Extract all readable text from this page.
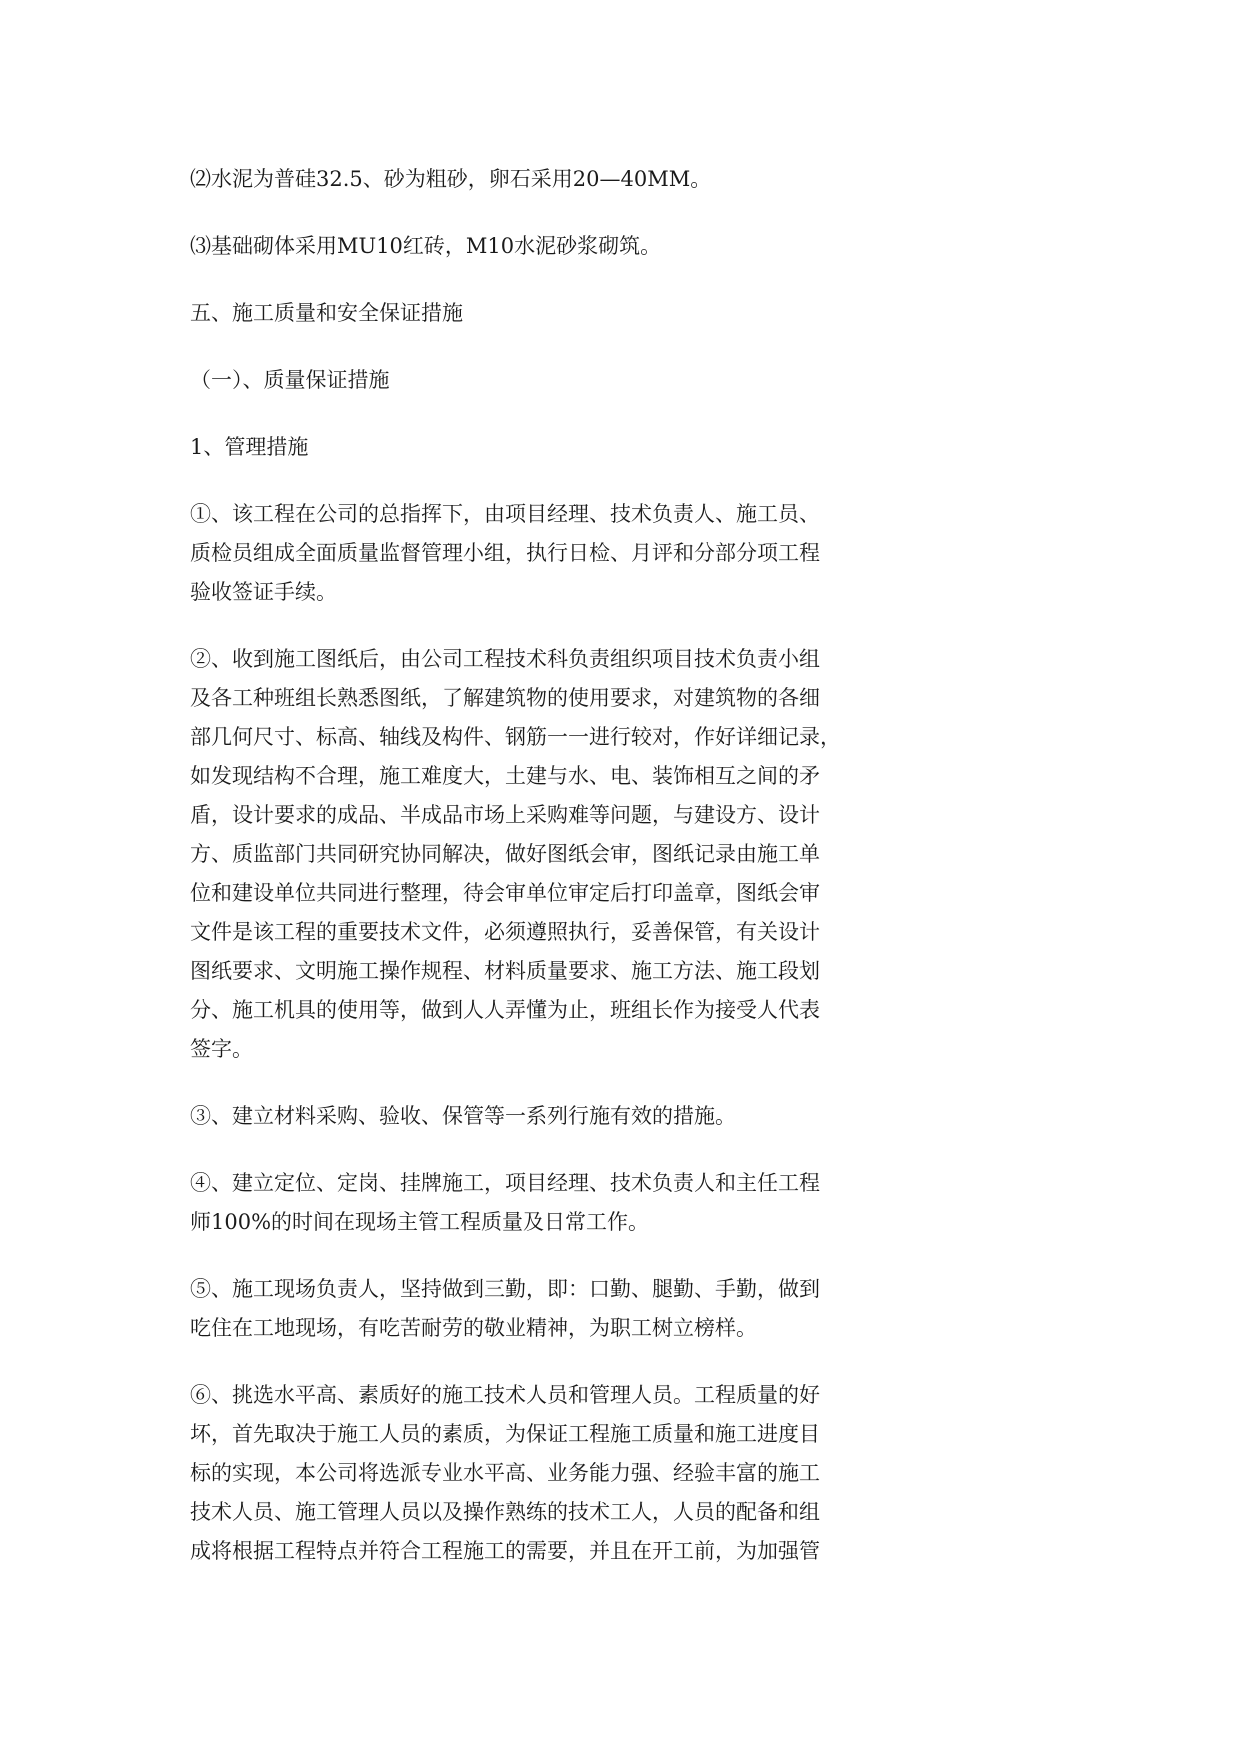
⑵水泥为普硅32.5、砂为粗砂，卵石采用20—40MM。

⑶基础砌体采用MU10红砖，M10水泥砂浆砌筑。

五、施工质量和安全保证措施

（一）、质量保证措施

1、管理措施

①、该工程在公司的总指挥下，由项目经理、技术负责人、施工员、
质检员组成全面质量监督管理小组，执行日检、月评和分部分项工程
验收签证手续。

②、收到施工图纸后，由公司工程技术科负责组织项目技术负责小组
及各工种班组长熟悉图纸，了解建筑物的使用要求，对建筑物的各细
部几何尺寸、标高、轴线及构件、钢筋一一进行较对，作好详细记录，
如发现结构不合理，施工难度大，土建与水、电、装饰相互之间的矛
盾，设计要求的成品、半成品市场上采购难等问题，与建设方、设计
方、质监部门共同研究协同解决，做好图纸会审，图纸记录由施工单
位和建设单位共同进行整理，待会审单位审定后打印盖章，图纸会审
文件是该工程的重要技术文件，必须遵照执行，妥善保管，有关设计
图纸要求、文明施工操作规程、材料质量要求、施工方法、施工段划
分、施工机具的使用等，做到人人弄懂为止，班组长作为接受人代表
签字。

③、建立材料采购、验收、保管等一系列行施有效的措施。

④、建立定位、定岗、挂牌施工，项目经理、技术负责人和主任工程
师100%的时间在现场主管工程质量及日常工作。

⑤、施工现场负责人，坚持做到三勤，即：口勤、腿勤、手勤，做到
吃住在工地现场，有吃苦耐劳的敬业精神，为职工树立榜样。

⑥、挑选水平高、素质好的施工技术人员和管理人员。工程质量的好
坏，首先取决于施工人员的素质，为保证工程施工质量和施工进度目
标的实现，本公司将选派专业水平高、业务能力强、经验丰富的施工
技术人员、施工管理人员以及操作熟练的技术工人，人员的配备和组
成将根据工程特点并符合工程施工的需要，并且在开工前，为加强管
